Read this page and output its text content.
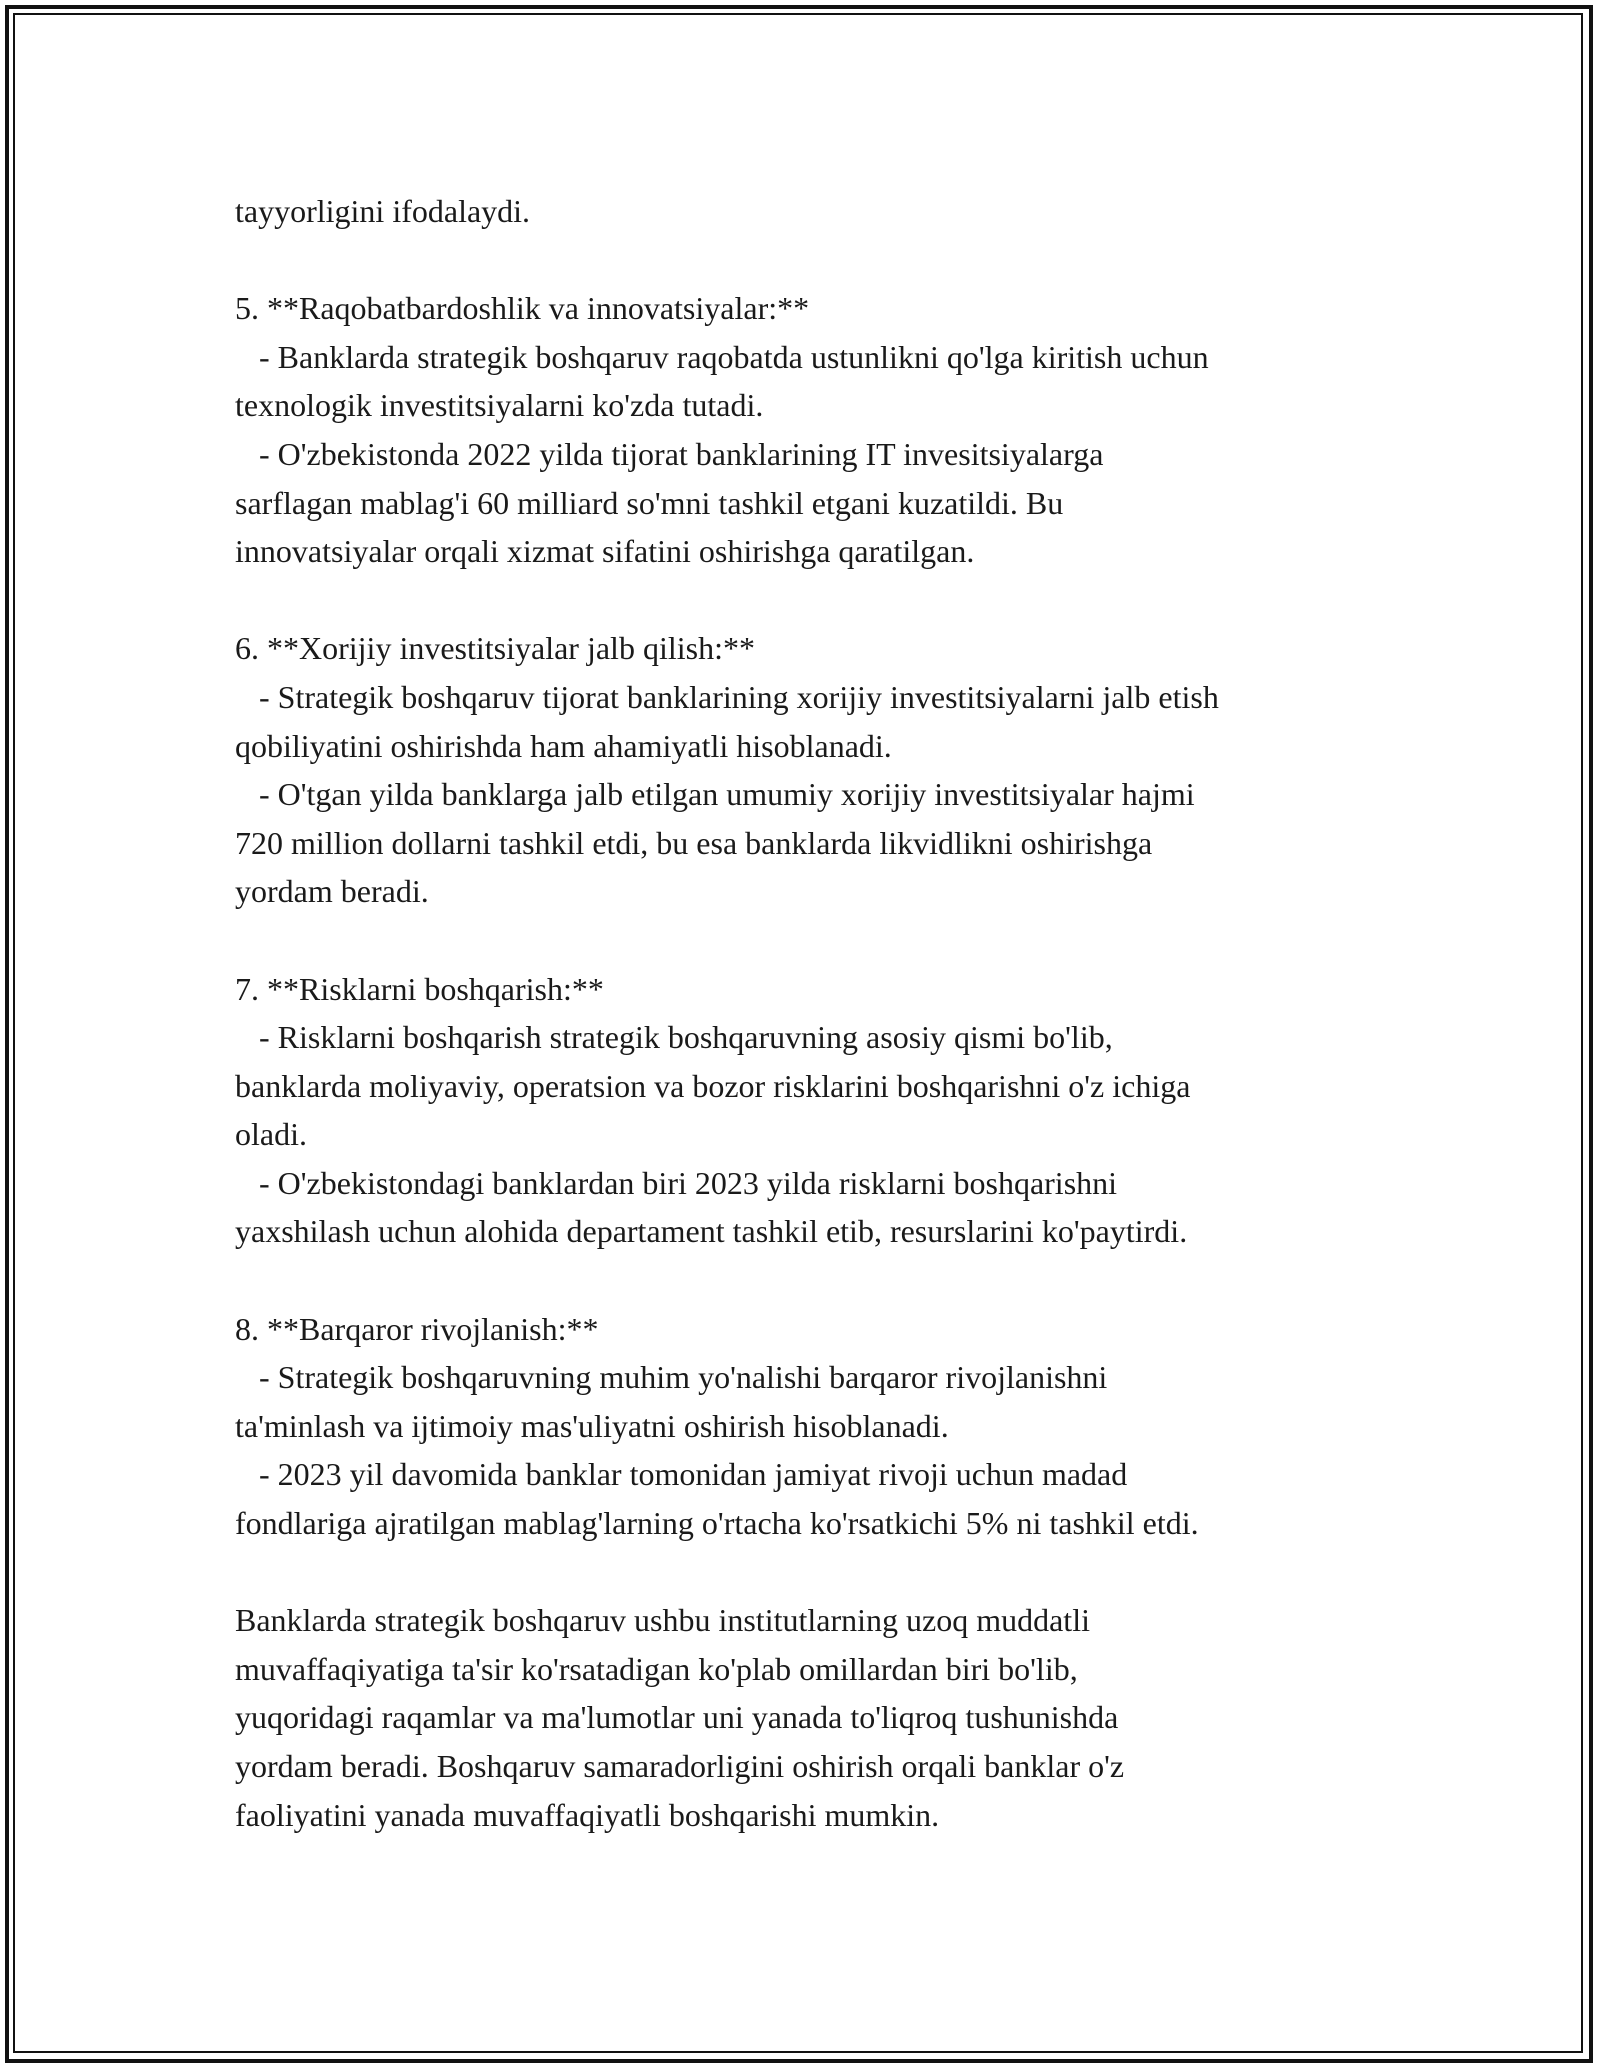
tayyorligini ifodalaydi.

5. **Raqobatbardoshlik va innovatsiyalar:**
- Banklarda strategik boshqaruv raqobatda ustunlikni qo'lga kiritish uchun
texnologik investitsiyalarni ko'zda tutadi.
- O'zbekistonda 2022 yilda tijorat banklarining IT invesitsiyalarga
sarflagan mablag'i 60 milliard so'mni tashkil etgani kuzatildi. Bu
innovatsiyalar orqali xizmat sifatini oshirishga qaratilgan.

6. **Xorijiy investitsiyalar jalb qilish:**
- Strategik boshqaruv tijorat banklarining xorijiy investitsiyalarni jalb etish
qobiliyatini oshirishda ham ahamiyatli hisoblanadi.
- O'tgan yilda banklarga jalb etilgan umumiy xorijiy investitsiyalar hajmi
720 million dollarni tashkil etdi, bu esa banklarda likvidlikni oshirishga
yordam beradi.

7. **Risklarni boshqarish:**
- Risklarni boshqarish strategik boshqaruvning asosiy qismi bo'lib,
banklarda moliyaviy, operatsion va bozor risklarini boshqarishni o'z ichiga
oladi.
- O'zbekistondagi banklardan biri 2023 yilda risklarni boshqarishni
yaxshilash uchun alohida departament tashkil etib, resurslarini ko'paytirdi.

8. **Barqaror rivojlanish:**
- Strategik boshqaruvning muhim yo'nalishi barqaror rivojlanishni
ta'minlash va ijtimoiy mas'uliyatni oshirish hisoblanadi.
- 2023 yil davomida banklar tomonidan jamiyat rivoji uchun madad
fondlariga ajratilgan mablag'larning o'rtacha ko'rsatkichi 5% ni tashkil etdi.

Banklarda strategik boshqaruv ushbu institutlarning uzoq muddatli
muvaffaqiyatiga ta'sir ko'rsatadigan ko'plab omillardan biri bo'lib,
yuqoridagi raqamlar va ma'lumotlar uni yanada to'liqroq tushunishda
yordam beradi. Boshqaruv samaradorligini oshirish orqali banklar o'z
faoliyatini yanada muvaffaqiyatli boshqarishi mumkin.
